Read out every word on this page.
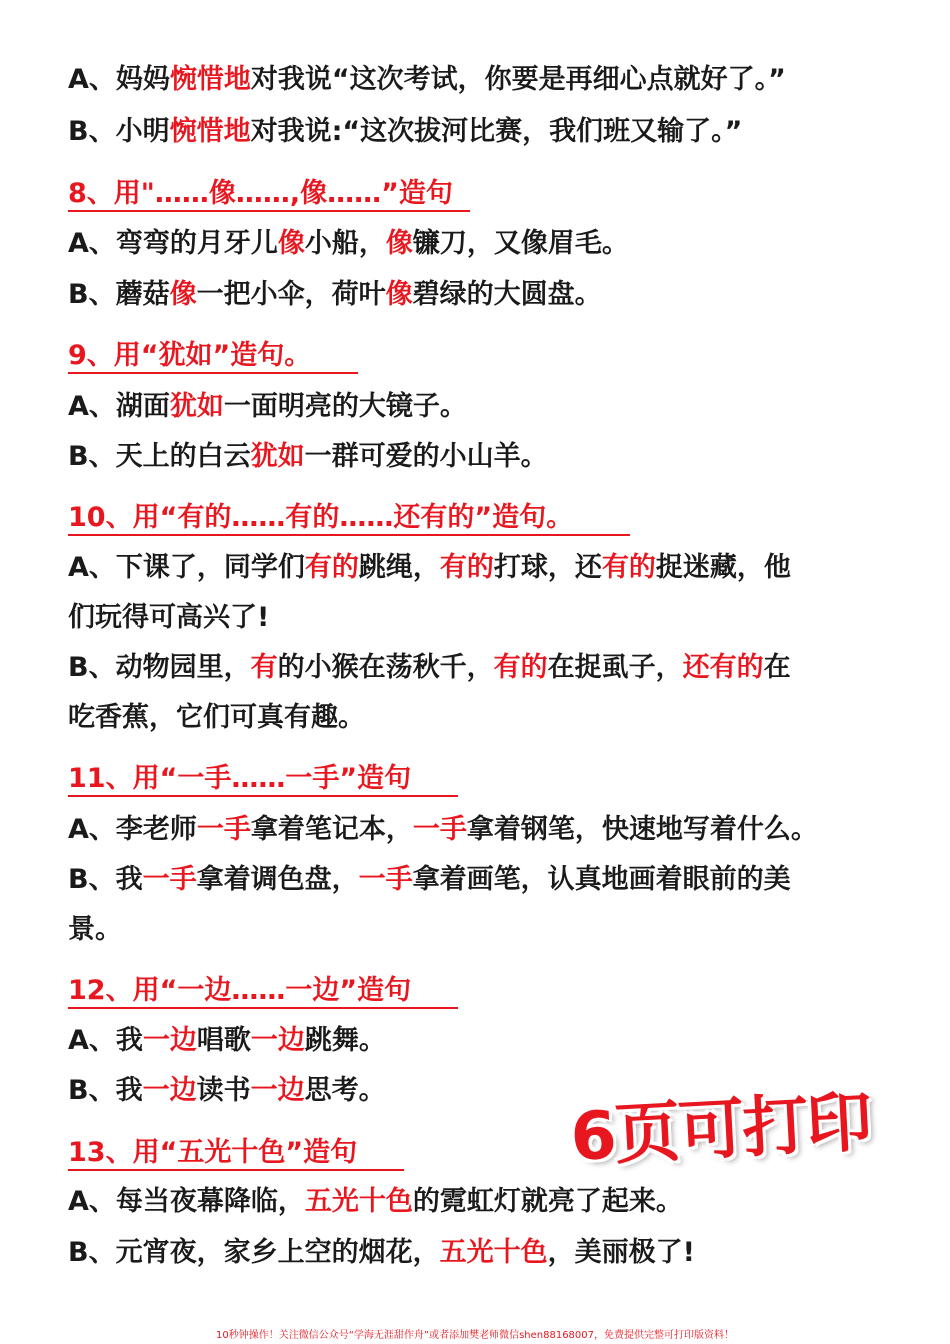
A、妈妈惋惜地对我说“这次考试，你要是再细心点就好了。”
B、小明惋惜地对我说:“这次拔河比赛，我们班又输了。”
8、用"……像……,像……”造句
A、弯弯的月牙儿像小船，像镰刀，又像眉毛。
B、蘑菇像一把小伞，荷叶像碧绿的大圆盘。
9、用“犹如”造句。
A、湖面犹如一面明亮的大镜子。
B、天上的白云犹如一群可爱的小山羊。
10、用“有的……有的……还有的”造句。
A、下课了，同学们有的跳绳，有的打球，还有的捉迷藏，他
们玩得可高兴了!
B、动物园里，有的小猴在荡秋千，有的在捉虱子，还有的在
吃香蕉，它们可真有趣。
11、用“一手……一手”造句
A、李老师一手拿着笔记本，一手拿着钢笔，快速地写着什么。
B、我一手拿着调色盘，一手拿着画笔，认真地画着眼前的美
景。
12、用“一边……一边”造句
A、我一边唱歌一边跳舞。
B、我一边读书一边思考。
13、用“五光十色”造句
A、每当夜幕降临，五光十色的霓虹灯就亮了起来。
B、元宵夜，家乡上空的烟花，五光十色，美丽极了!
6页可打印
10秒钟操作！关注微信公众号“学海无涯甜作舟”或者添加樊老师微信shen88168007，免费提供完整可打印版资料！
